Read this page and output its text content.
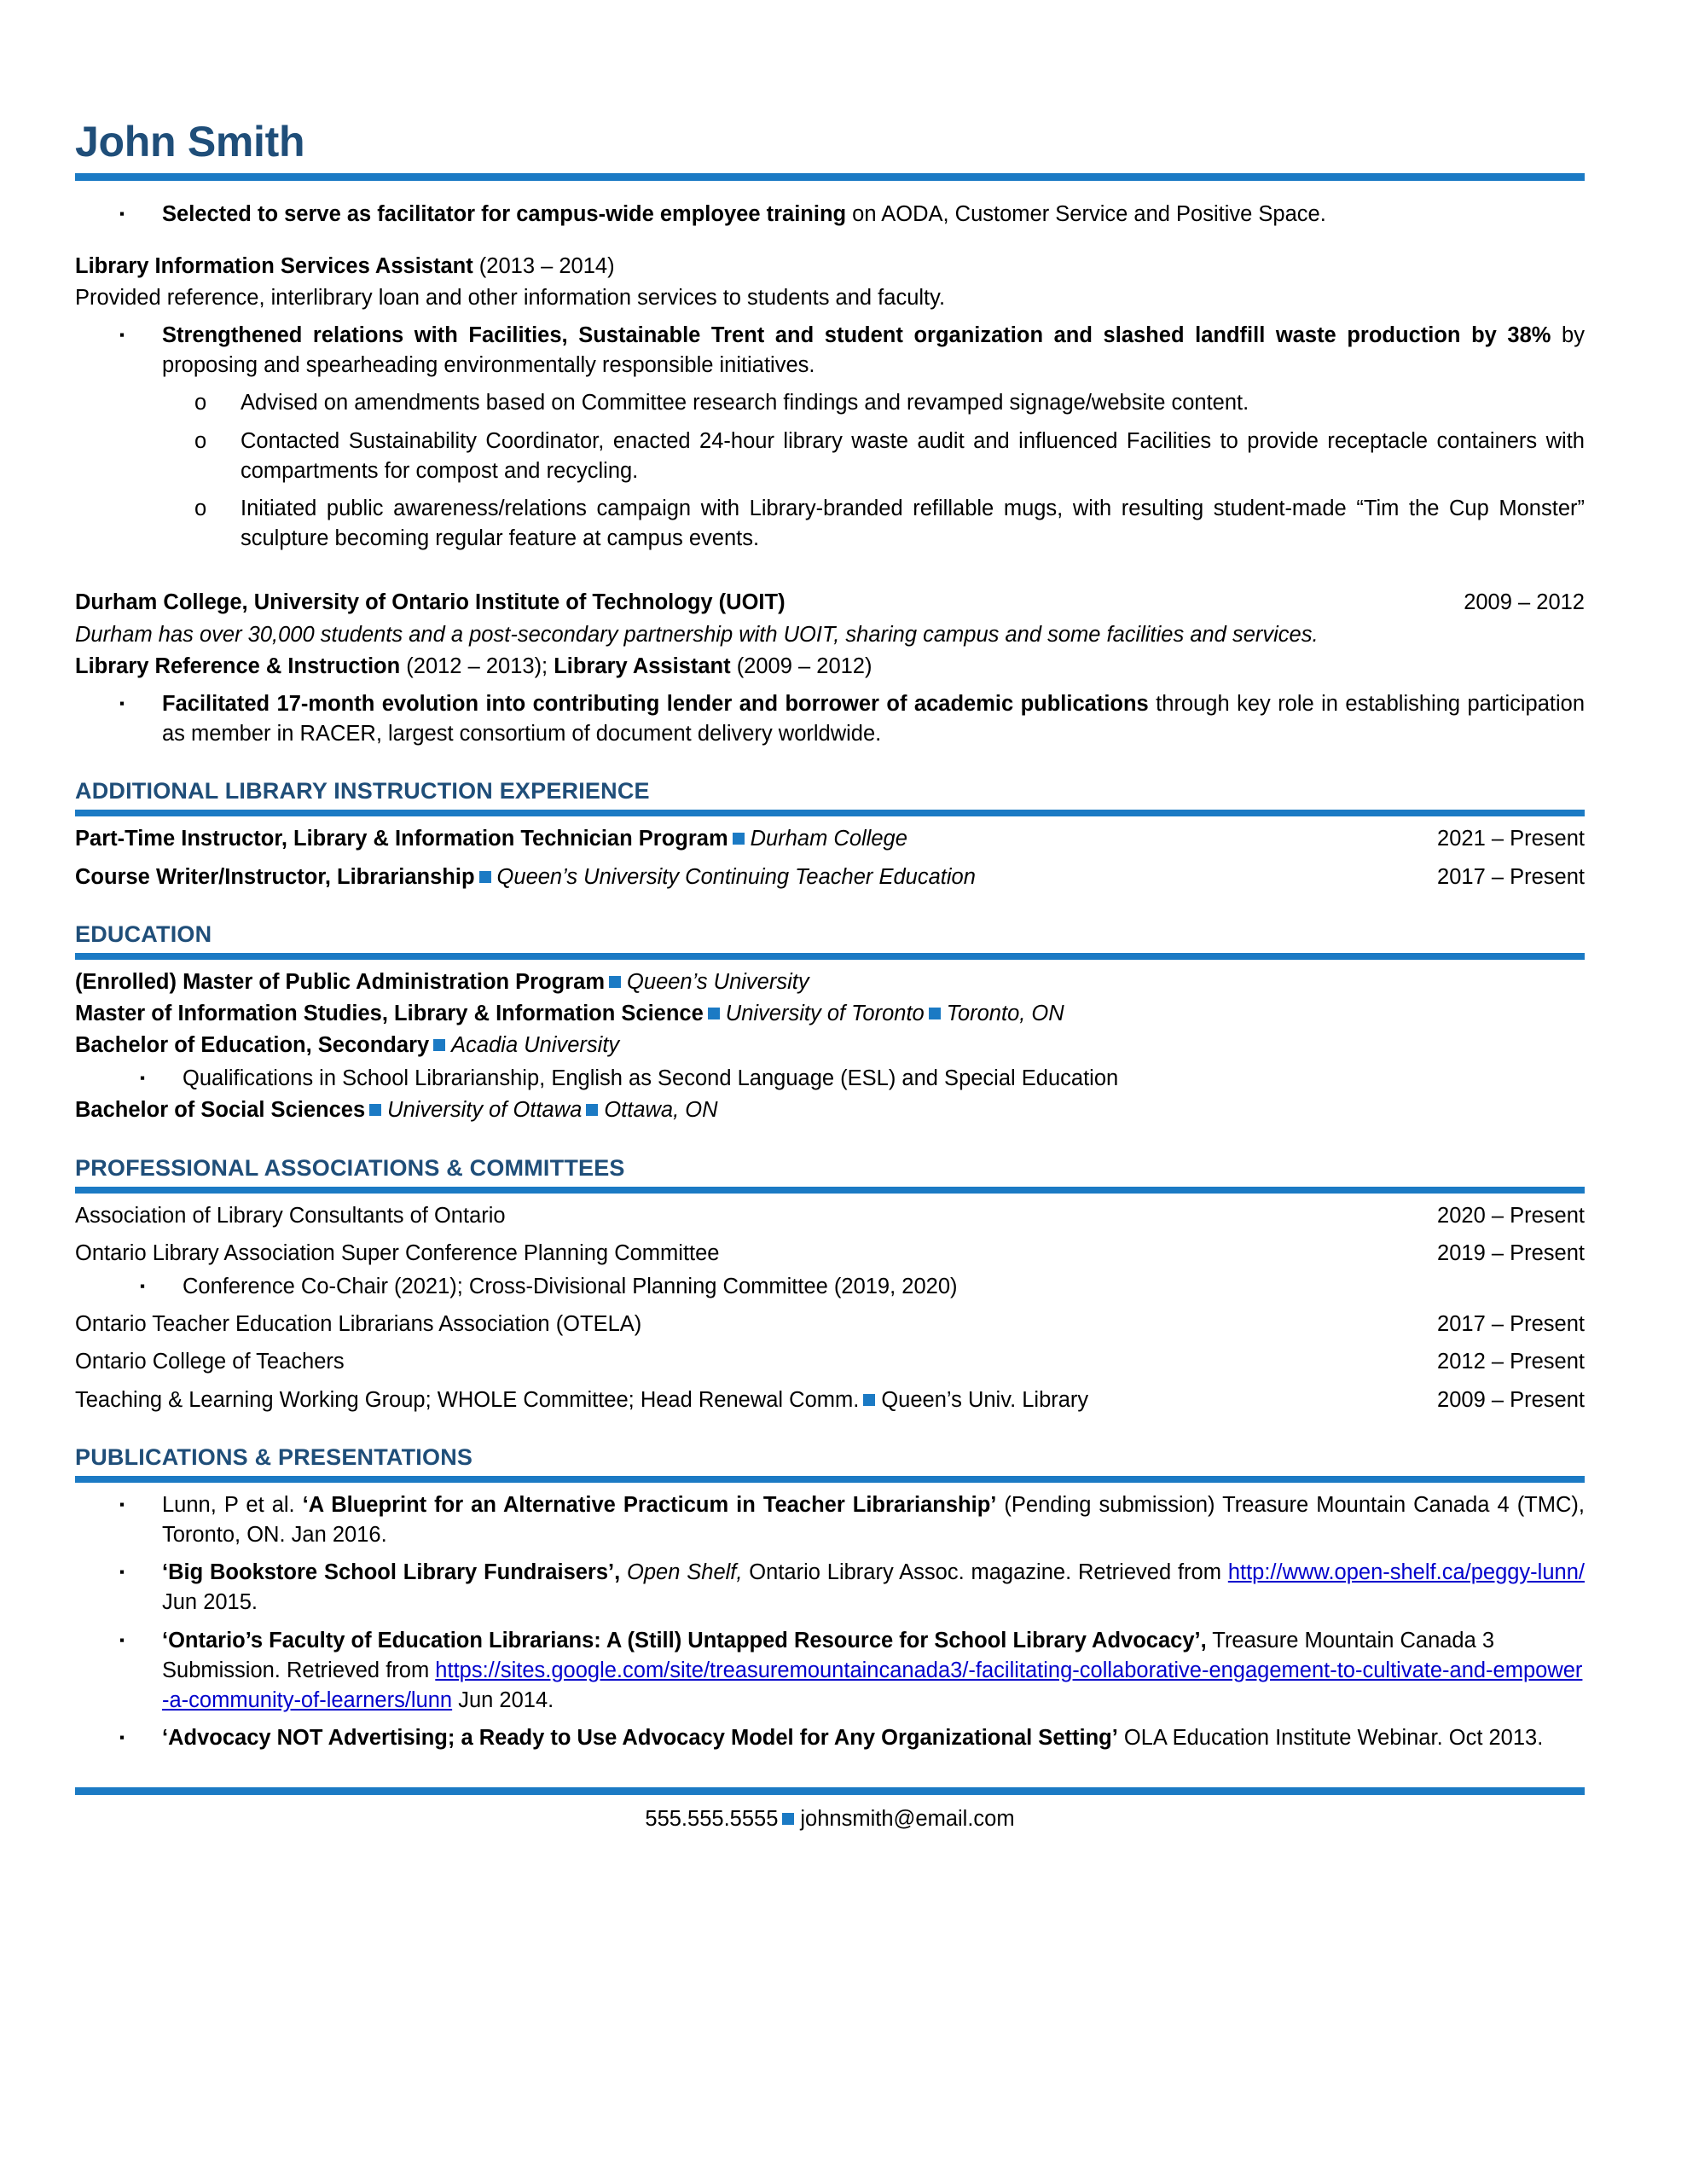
John Smith
▪	Selected to serve as facilitator for campus-wide employee training on AODA, Customer Service and Positive Space.
Library Information Services Assistant (2013 – 2014)
Provided reference, interlibrary loan and other information services to students and faculty.
▪	Strengthened relations with Facilities, Sustainable Trent and student organization and slashed landfill waste production by 38% by proposing and spearheading environmentally responsible initiatives.
o	Advised on amendments based on Committee research findings and revamped signage/website content.
o	Contacted Sustainability Coordinator, enacted 24-hour library waste audit and influenced Facilities to provide receptacle containers with compartments for compost and recycling.
o	Initiated public awareness/relations campaign with Library-branded refillable mugs, with resulting student-made “Tim the Cup Monster” sculpture becoming regular feature at campus events.
Durham College, University of Ontario Institute of Technology (UOIT)	2009 – 2012
Durham has over 30,000 students and a post-secondary partnership with UOIT, sharing campus and some facilities and services.
Library Reference & Instruction (2012 – 2013); Library Assistant (2009 – 2012)
▪	Facilitated 17-month evolution into contributing lender and borrower of academic publications through key role in establishing participation as member in RACER, largest consortium of document delivery worldwide.
ADDITIONAL LIBRARY INSTRUCTION EXPERIENCE
Part-Time Instructor, Library & Information Technician Program Durham College	2021 – Present
Course Writer/Instructor, Librarianship Queen’s University Continuing Teacher Education	2017 – Present
EDUCATION
(Enrolled) Master of Public Administration Program Queen’s University
Master of Information Studies, Library & Information Science University of Toronto Toronto, ON
Bachelor of Education, Secondary Acadia University
▪	Qualifications in School Librarianship, English as Second Language (ESL) and Special Education
Bachelor of Social Sciences University of Ottawa Ottawa, ON
PROFESSIONAL ASSOCIATIONS & COMMITTEES
Association of Library Consultants of Ontario	2020 – Present
Ontario Library Association Super Conference Planning Committee	2019 – Present
▪	Conference Co-Chair (2021); Cross-Divisional Planning Committee (2019, 2020)
Ontario Teacher Education Librarians Association (OTELA)	2017 – Present
Ontario College of Teachers	2012 – Present
Teaching & Learning Working Group; WHOLE Committee; Head Renewal Comm. Queen’s Univ. Library	2009 – Present
PUBLICATIONS & PRESENTATIONS
▪	Lunn, P et al. ‘A Blueprint for an Alternative Practicum in Teacher Librarianship’ (Pending submission) Treasure Mountain Canada 4 (TMC), Toronto, ON. Jan 2016.
▪	‘Big Bookstore School Library Fundraisers’, Open Shelf, Ontario Library Assoc. magazine. Retrieved from http://www.open-shelf.ca/peggy-lunn/ Jun 2015.
▪	‘Ontario’s Faculty of Education Librarians: A (Still) Untapped Resource for School Library Advocacy’, Treasure Mountain Canada 3 Submission. Retrieved from https://sites.google.com/site/treasuremountaincanada3/-facilitating-collaborative-engagement-to-cultivate-and-empower-a-community-of-learners/lunn Jun 2014.
▪	‘Advocacy NOT Advertising; a Ready to Use Advocacy Model for Any Organizational Setting’ OLA Education Institute Webinar. Oct 2013.
555.555.5555 johnsmith@email.com
